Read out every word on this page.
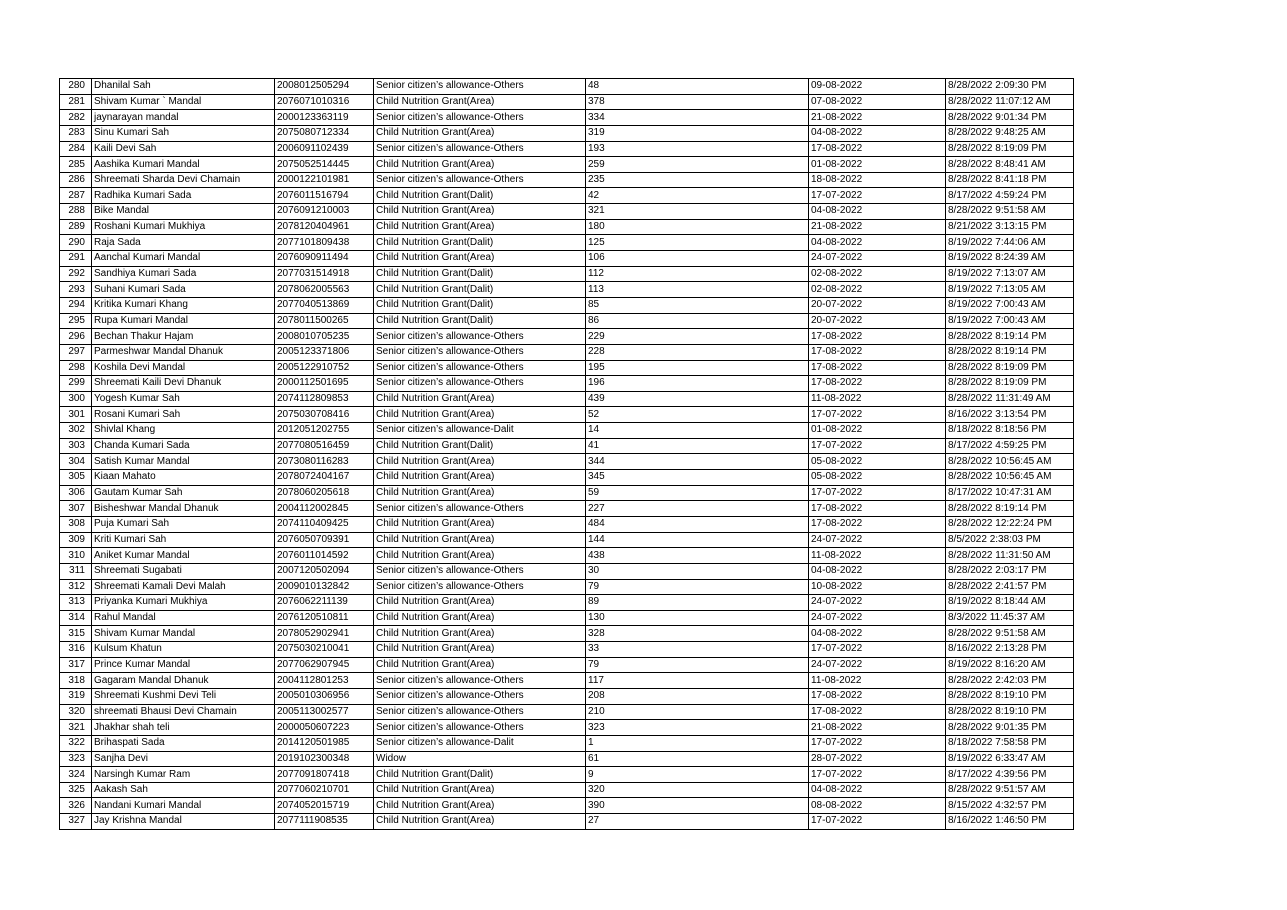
280	Dhanilal Sah	2008012505294	Senior citizen’s allowance-Others	48	09-08-2022	8/28/2022 2:09:30 PM
281	Shivam Kumar ` Mandal	2076071010316	Child Nutrition Grant(Area)	378	07-08-2022	8/28/2022 11:07:12 AM
282	jaynarayan mandal	2000123363119	Senior citizen’s allowance-Others	334	21-08-2022	8/28/2022 9:01:34 PM
283	Sinu Kumari Sah	2075080712334	Child Nutrition Grant(Area)	319	04-08-2022	8/28/2022 9:48:25 AM
284	Kaili Devi Sah	2006091102439	Senior citizen’s allowance-Others	193	17-08-2022	8/28/2022 8:19:09 PM
285	Aashika Kumari Mandal	2075052514445	Child Nutrition Grant(Area)	259	01-08-2022	8/28/2022 8:48:41 AM
286	Shreemati Sharda Devi Chamain	2000122101981	Senior citizen’s allowance-Others	235	18-08-2022	8/28/2022 8:41:18 PM
287	Radhika Kumari Sada	2076011516794	Child Nutrition Grant(Dalit)	42	17-07-2022	8/17/2022 4:59:24 PM
288	Bike Mandal	2076091210003	Child Nutrition Grant(Area)	321	04-08-2022	8/28/2022 9:51:58 AM
289	Roshani Kumari Mukhiya	2078120404961	Child Nutrition Grant(Area)	180	21-08-2022	8/21/2022 3:13:15 PM
290	Raja Sada	2077101809438	Child Nutrition Grant(Dalit)	125	04-08-2022	8/19/2022 7:44:06 AM
291	Aanchal Kumari Mandal	2076090911494	Child Nutrition Grant(Area)	106	24-07-2022	8/19/2022 8:24:39 AM
292	Sandhiya Kumari Sada	2077031514918	Child Nutrition Grant(Dalit)	112	02-08-2022	8/19/2022 7:13:07 AM
293	Suhani Kumari Sada	2078062005563	Child Nutrition Grant(Dalit)	113	02-08-2022	8/19/2022 7:13:05 AM
294	Kritika Kumari Khang	2077040513869	Child Nutrition Grant(Dalit)	85	20-07-2022	8/19/2022 7:00:43 AM
295	Rupa Kumari Mandal	2078011500265	Child Nutrition Grant(Dalit)	86	20-07-2022	8/19/2022 7:00:43 AM
296	Bechan Thakur Hajam	2008010705235	Senior citizen’s allowance-Others	229	17-08-2022	8/28/2022 8:19:14 PM
297	Parmeshwar Mandal Dhanuk	2005123371806	Senior citizen’s allowance-Others	228	17-08-2022	8/28/2022 8:19:14 PM
298	Koshila Devi Mandal	2005122910752	Senior citizen’s allowance-Others	195	17-08-2022	8/28/2022 8:19:09 PM
299	Shreemati Kaili Devi Dhanuk	2000112501695	Senior citizen’s allowance-Others	196	17-08-2022	8/28/2022 8:19:09 PM
300	Yogesh Kumar Sah	2074112809853	Child Nutrition Grant(Area)	439	11-08-2022	8/28/2022 11:31:49 AM
301	Rosani Kumari Sah	2075030708416	Child Nutrition Grant(Area)	52	17-07-2022	8/16/2022 3:13:54 PM
302	Shivlal Khang	2012051202755	Senior citizen’s allowance-Dalit	14	01-08-2022	8/18/2022 8:18:56 PM
303	Chanda Kumari Sada	2077080516459	Child Nutrition Grant(Dalit)	41	17-07-2022	8/17/2022 4:59:25 PM
304	Satish Kumar Mandal	2073080116283	Child Nutrition Grant(Area)	344	05-08-2022	8/28/2022 10:56:45 AM
305	Kiaan Mahato	2078072404167	Child Nutrition Grant(Area)	345	05-08-2022	8/28/2022 10:56:45 AM
306	Gautam Kumar Sah	2078060205618	Child Nutrition Grant(Area)	59	17-07-2022	8/17/2022 10:47:31 AM
307	Bisheshwar Mandal Dhanuk	2004112002845	Senior citizen’s allowance-Others	227	17-08-2022	8/28/2022 8:19:14 PM
308	Puja Kumari Sah	2074110409425	Child Nutrition Grant(Area)	484	17-08-2022	8/28/2022 12:22:24 PM
309	Kriti Kumari Sah	2076050709391	Child Nutrition Grant(Area)	144	24-07-2022	8/5/2022 2:38:03 PM
310	Aniket Kumar Mandal	2076011014592	Child Nutrition Grant(Area)	438	11-08-2022	8/28/2022 11:31:50 AM
311	Shreemati Sugabati	2007120502094	Senior citizen’s allowance-Others	30	04-08-2022	8/28/2022 2:03:17 PM
312	Shreemati Kamali Devi Malah	2009010132842	Senior citizen’s allowance-Others	79	10-08-2022	8/28/2022 2:41:57 PM
313	Priyanka Kumari Mukhiya	2076062211139	Child Nutrition Grant(Area)	89	24-07-2022	8/19/2022 8:18:44 AM
314	Rahul Mandal	2076120510811	Child Nutrition Grant(Area)	130	24-07-2022	8/3/2022 11:45:37 AM
315	Shivam Kumar Mandal	2078052902941	Child Nutrition Grant(Area)	328	04-08-2022	8/28/2022 9:51:58 AM
316	Kulsum Khatun	2075030210041	Child Nutrition Grant(Area)	33	17-07-2022	8/16/2022 2:13:28 PM
317	Prince Kumar Mandal	2077062907945	Child Nutrition Grant(Area)	79	24-07-2022	8/19/2022 8:16:20 AM
318	Gagaram Mandal Dhanuk	2004112801253	Senior citizen’s allowance-Others	117	11-08-2022	8/28/2022 2:42:03 PM
319	Shreemati Kushmi Devi Teli	2005010306956	Senior citizen’s allowance-Others	208	17-08-2022	8/28/2022 8:19:10 PM
320	shreemati Bhausi Devi Chamain	2005113002577	Senior citizen’s allowance-Others	210	17-08-2022	8/28/2022 8:19:10 PM
321	Jhakhar shah teli	2000050607223	Senior citizen’s allowance-Others	323	21-08-2022	8/28/2022 9:01:35 PM
322	Brihaspati Sada	2014120501985	Senior citizen’s allowance-Dalit	1	17-07-2022	8/18/2022 7:58:58 PM
323	Sanjha Devi	2019102300348	Widow	61	28-07-2022	8/19/2022 6:33:47 AM
324	Narsingh Kumar Ram	2077091807418	Child Nutrition Grant(Dalit)	9	17-07-2022	8/17/2022 4:39:56 PM
325	Aakash Sah	2077060210701	Child Nutrition Grant(Area)	320	04-08-2022	8/28/2022 9:51:57 AM
326	Nandani Kumari Mandal	2074052015719	Child Nutrition Grant(Area)	390	08-08-2022	8/15/2022 4:32:57 PM
327	Jay Krishna Mandal	2077111908535	Child Nutrition Grant(Area)	27	17-07-2022	8/16/2022 1:46:50 PM
